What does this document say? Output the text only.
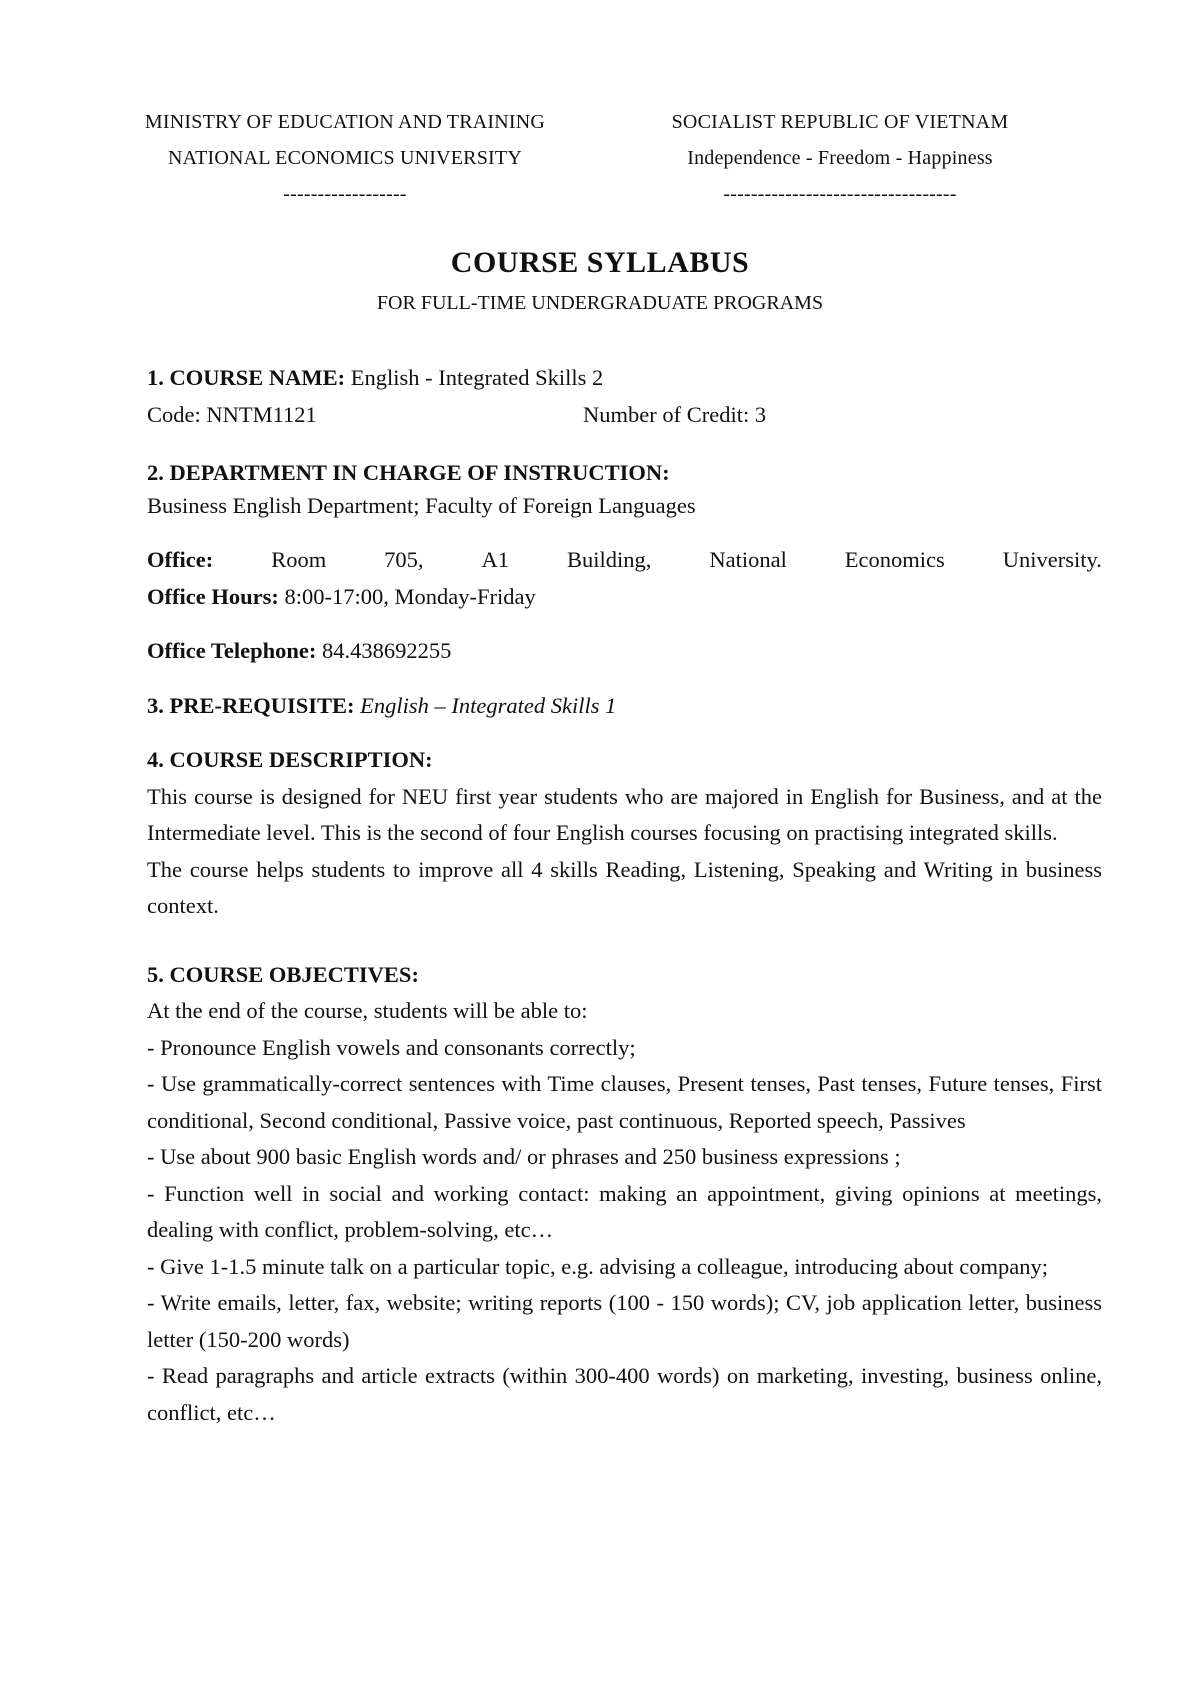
MINISTRY OF EDUCATION AND TRAINING
NATIONAL ECONOMICS UNIVERSITY
------------------
SOCIALIST REPUBLIC OF VIETNAM
Independence - Freedom - Happiness
----------------------------------
COURSE SYLLABUS
FOR FULL-TIME UNDERGRADUATE PROGRAMS

1. COURSE NAME: English - Integrated Skills 2

Code: NNTM1121	Number of Credit: 3

2. DEPARTMENT IN CHARGE OF INSTRUCTION:

Business English Department; Faculty of Foreign Languages

Office:	Room	705,	A1	Building,	National	Economics	University.

Office Hours: 8:00-17:00, Monday-Friday

Office Telephone: 84.438692255

3. PRE-REQUISITE: English – Integrated Skills 1

4. COURSE DESCRIPTION:

This course is designed for NEU first year students who are majored in English for Business, and at the Intermediate level. This is the second of four English courses focusing on practising integrated skills.

The course helps students to improve all 4 skills Reading, Listening, Speaking and Writing in business context.

5. COURSE OBJECTIVES:

At the end of the course, students will be able to:

- Pronounce English vowels and consonants correctly;

- Use grammatically-correct sentences with Time clauses, Present tenses, Past tenses, Future tenses, First conditional, Second conditional, Passive voice, past continuous, Reported speech, Passives

- Use about 900 basic English words and/ or phrases and 250 business expressions ;

- Function well in social and working contact: making an appointment, giving opinions at meetings, dealing with conflict, problem-solving, etc…

- Give 1-1.5 minute talk on a particular topic, e.g. advising a colleague, introducing about company;

- Write emails, letter, fax, website; writing reports (100 - 150 words); CV, job application letter, business letter (150-200 words)

- Read paragraphs and article extracts (within 300-400 words) on marketing, investing, business online, conflict, etc…
